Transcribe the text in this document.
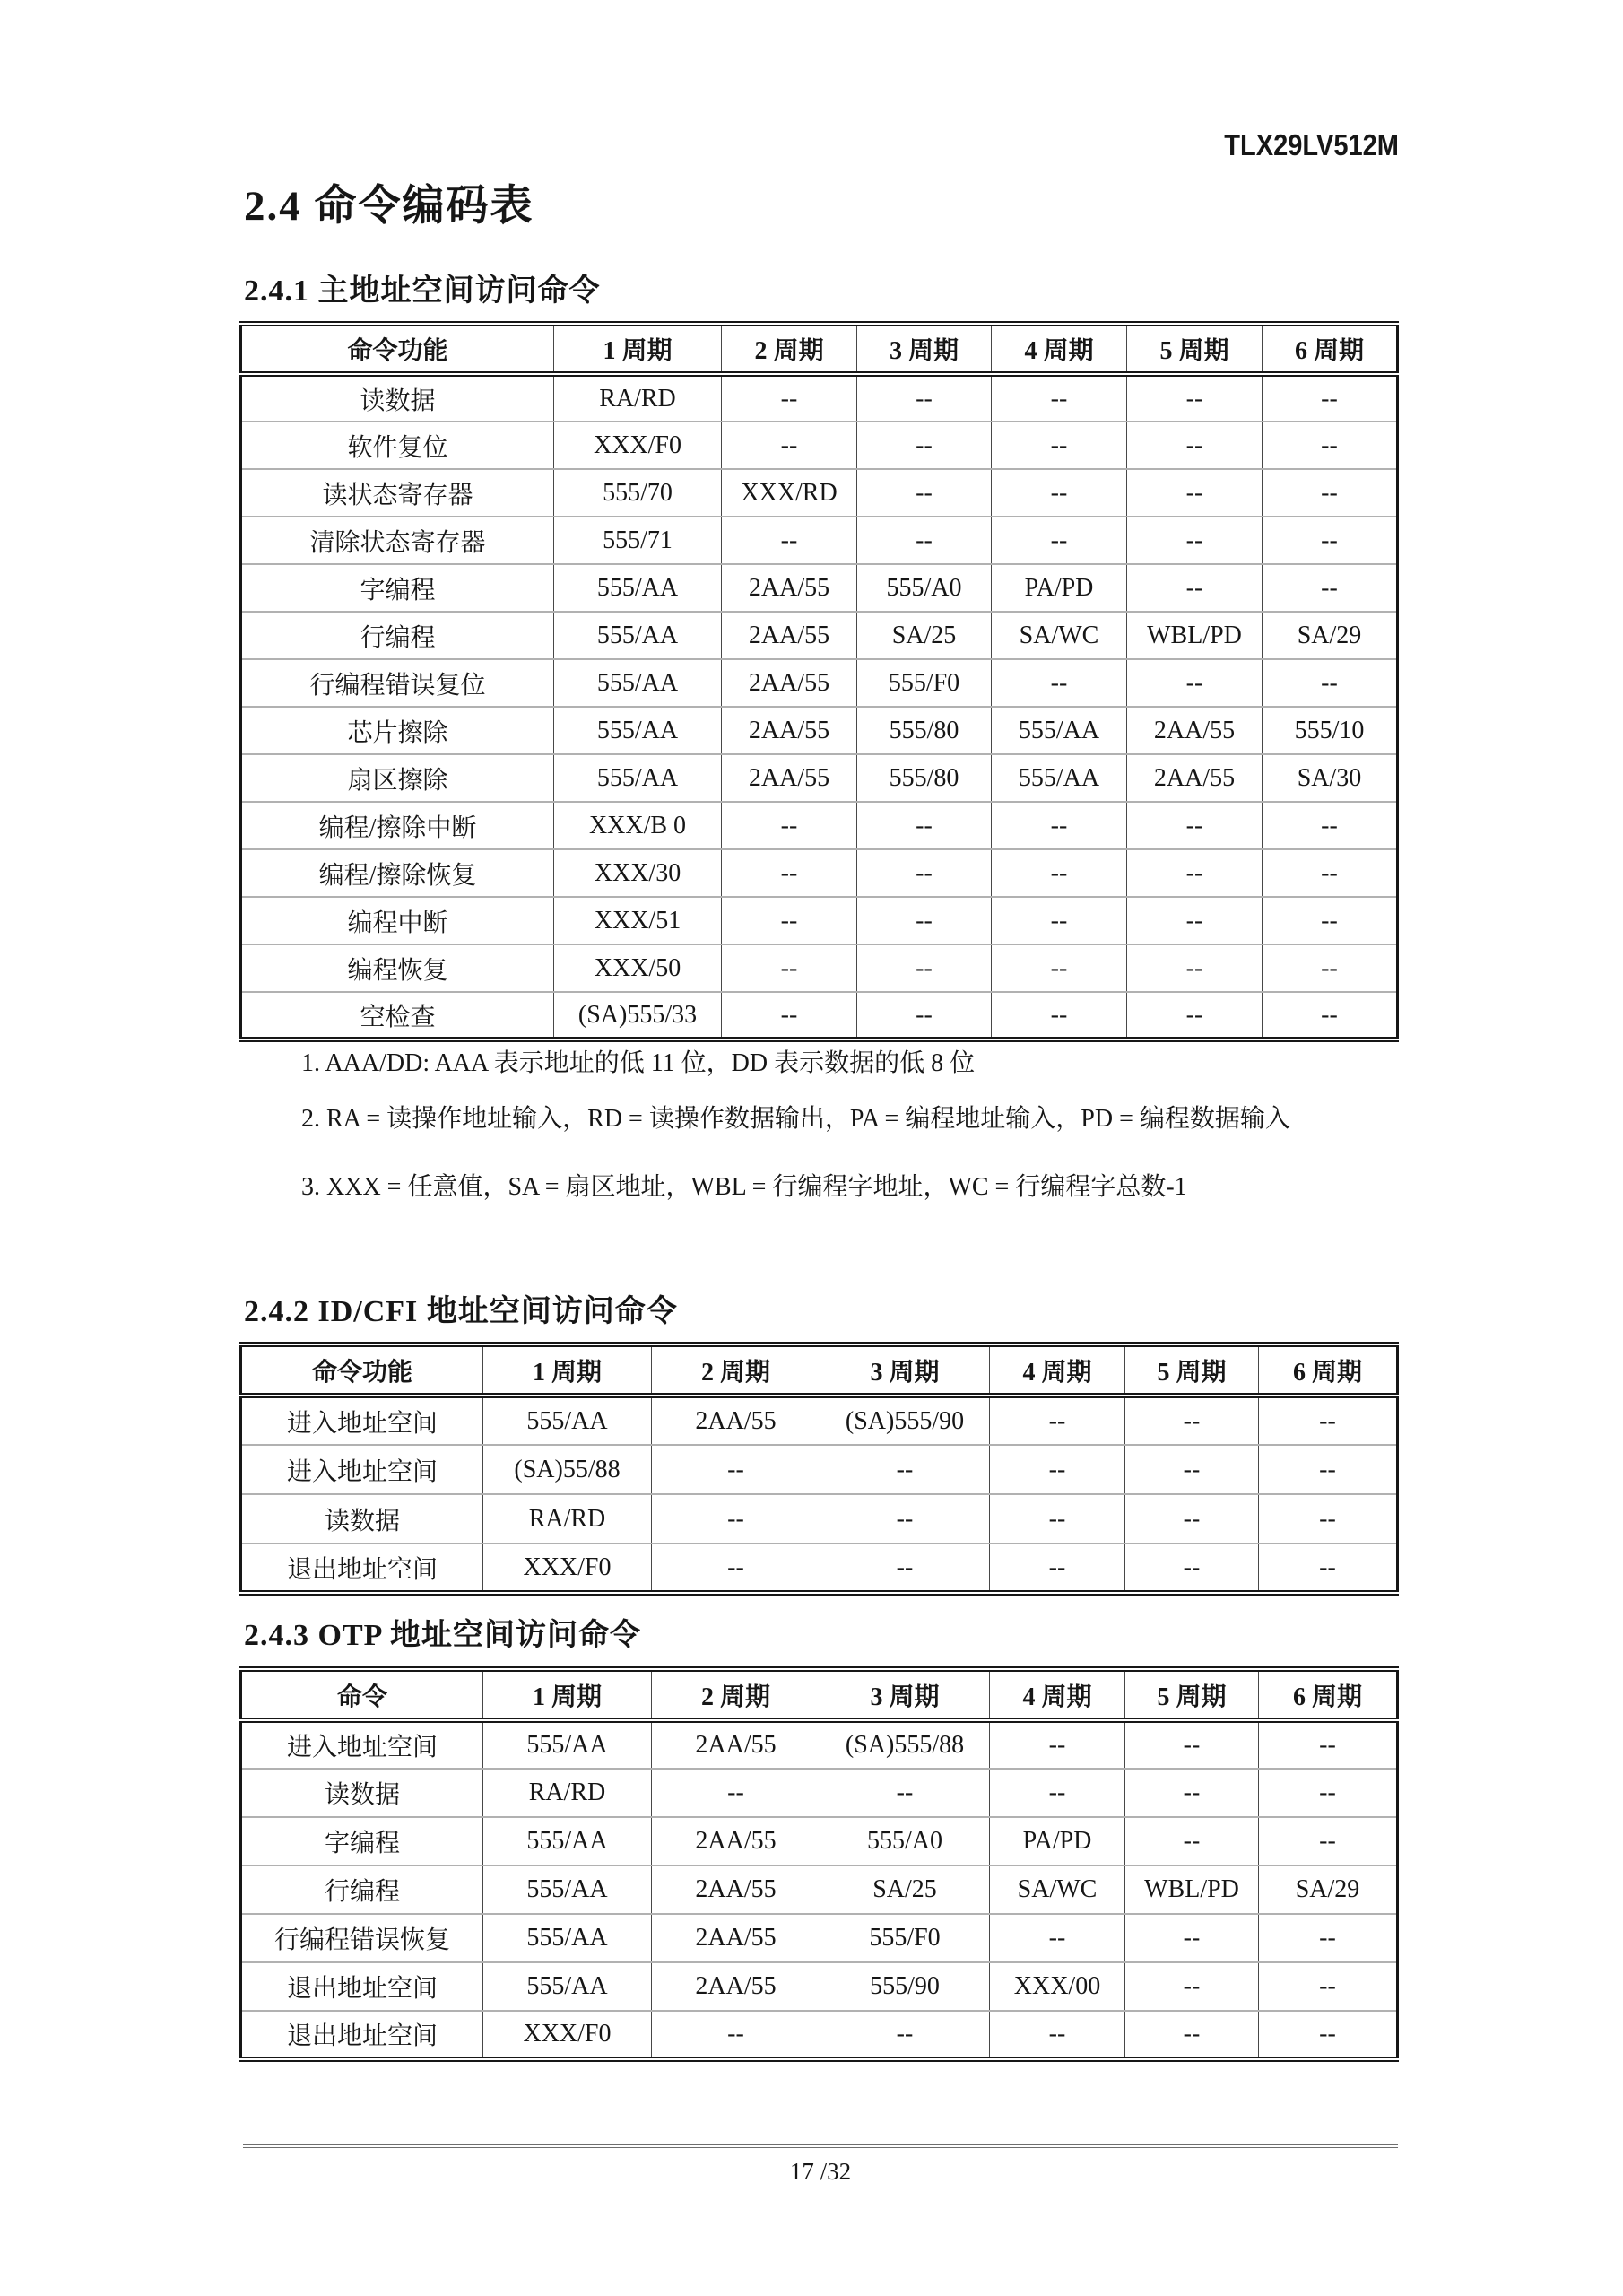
TLX29LV512M
2.4 命令编码表
2.4.1 主地址空间访问命令
命令功能	1 周期	2 周期	3 周期	4 周期	5 周期	6 周期
读数据	RA/RD	--	--	--	--	--
软件复位	XXX/F0	--	--	--	--	--
读状态寄存器	555/70	XXX/RD	--	--	--	--
清除状态寄存器	555/71	--	--	--	--	--
字编程	555/AA	2AA/55	555/A0	PA/PD	--	--
行编程	555/AA	2AA/55	SA/25	SA/WC	WBL/PD	SA/29
行编程错误复位	555/AA	2AA/55	555/F0	--	--	--
芯片擦除	555/AA	2AA/55	555/80	555/AA	2AA/55	555/10
扇区擦除	555/AA	2AA/55	555/80	555/AA	2AA/55	SA/30
编程/擦除中断	XXX/B 0	--	--	--	--	--
编程/擦除恢复	XXX/30	--	--	--	--	--
编程中断	XXX/51	--	--	--	--	--
编程恢复	XXX/50	--	--	--	--	--
空检查	(SA)555/33	--	--	--	--	--

1. AAA/DD: AAA 表示地址的低 11 位，DD 表示数据的低 8 位

2. RA = 读操作地址输入，RD = 读操作数据输出，PA = 编程地址输入，PD = 编程数据输入

3. XXX = 任意值，SA = 扇区地址，WBL = 行编程字地址，WC = 行编程字总数-1

2.4.2 ID/CFI 地址空间访问命令
命令功能	1 周期	2 周期	3 周期	4 周期	5 周期	6 周期
进入地址空间	555/AA	2AA/55	(SA)555/90	--	--	--
进入地址空间	(SA)55/88	--	--	--	--	--
读数据	RA/RD	--	--	--	--	--
退出地址空间	XXX/F0	--	--	--	--	--
2.4.3 OTP 地址空间访问命令
命令	1 周期	2 周期	3 周期	4 周期	5 周期	6 周期
进入地址空间	555/AA	2AA/55	(SA)555/88	--	--	--
读数据	RA/RD	--	--	--	--	--
字编程	555/AA	2AA/55	555/A0	PA/PD	--	--
行编程	555/AA	2AA/55	SA/25	SA/WC	WBL/PD	SA/29
行编程错误恢复	555/AA	2AA/55	555/F0	--	--	--
退出地址空间	555/AA	2AA/55	555/90	XXX/00	--	--
退出地址空间	XXX/F0	--	--	--	--	--
17 /32
